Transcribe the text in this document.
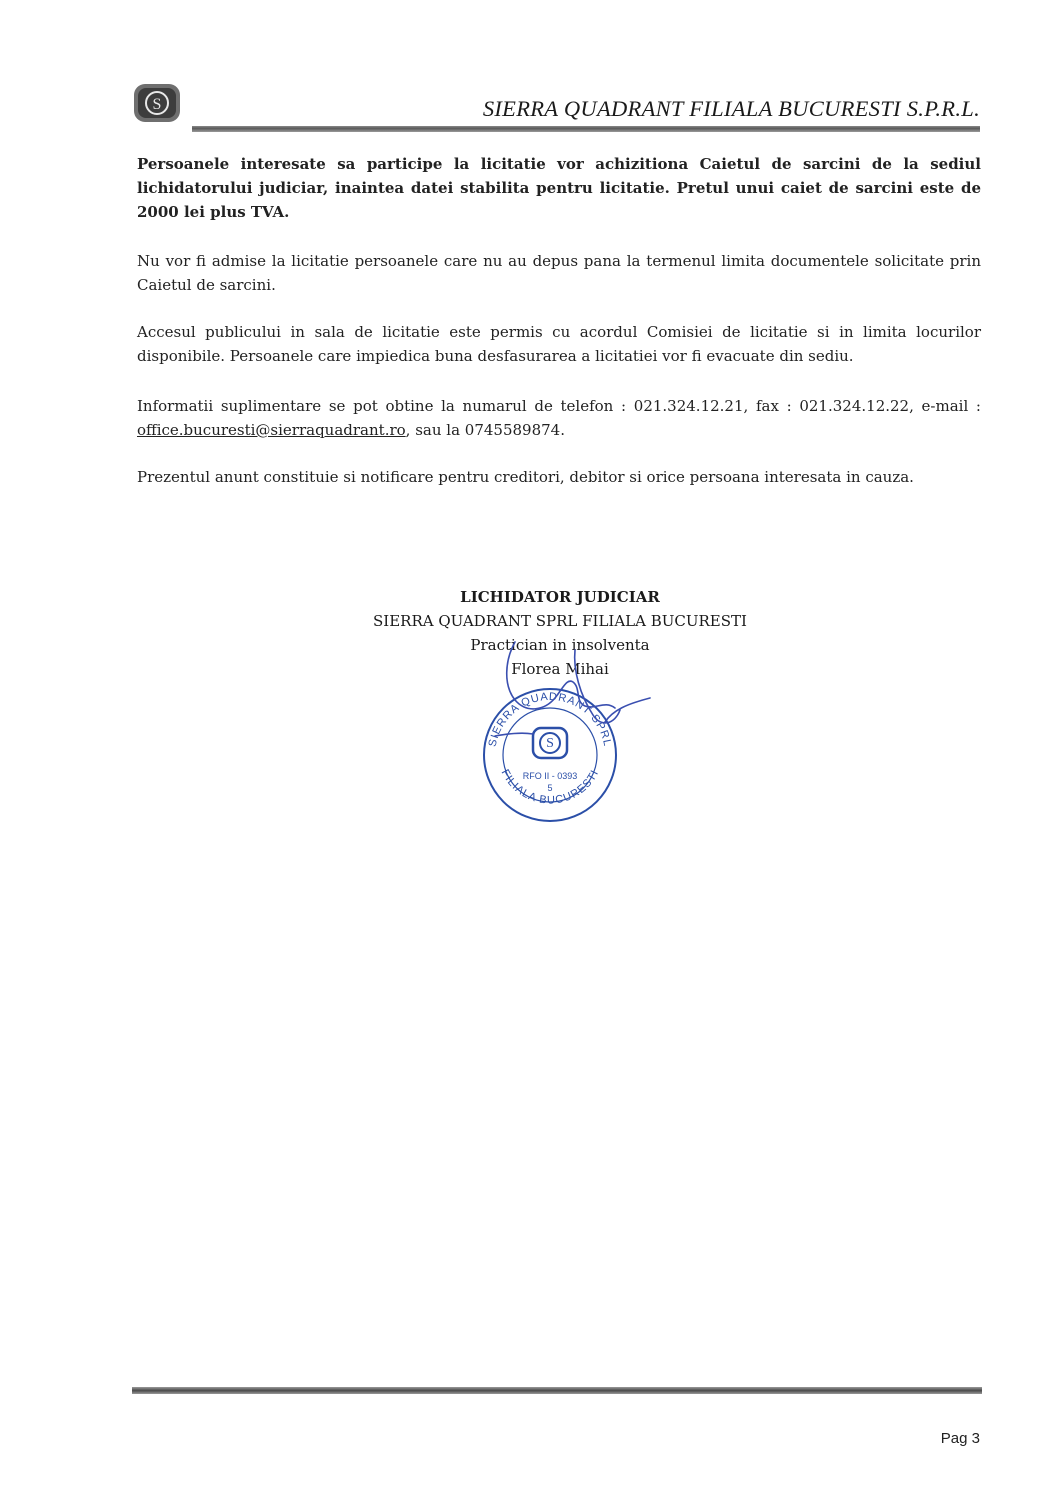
S	SIERRA QUADRANT FILIALA BUCURESTI S.P.R.L.
Persoanele interesate sa participe la licitatie vor achizitiona Caietul de sarcini de la sediul lichidatorului judiciar, inaintea datei stabilita pentru licitatie. Pretul unui caiet de sarcini este de 2000 lei plus TVA.
Nu vor fi admise la licitatie persoanele care nu au depus pana la termenul limita documentele solicitate prin Caietul de sarcini.
Accesul publicului in sala de licitatie este permis cu acordul Comisiei de licitatie si in limita locurilor disponibile. Persoanele care impiedica buna desfasurarea a licitatiei vor fi evacuate din sediu.
Informatii suplimentare se pot obtine la numarul de telefon : 021.324.12.21, fax : 021.324.12.22, e-mail : office.bucuresti@sierraquadrant.ro, sau la 0745589874.
Prezentul anunt constituie si notificare pentru creditori, debitor si orice persoana interesata in cauza.
LICHIDATOR JUDICIAR
SIERRA QUADRANT SPRL FILIALA BUCURESTI
Practician in insolventa
Florea Mihai
SIERRA QUADRANT SPRL
FILIALA BUCURESTI
S
RFO II - 0393
5
Pag 3
